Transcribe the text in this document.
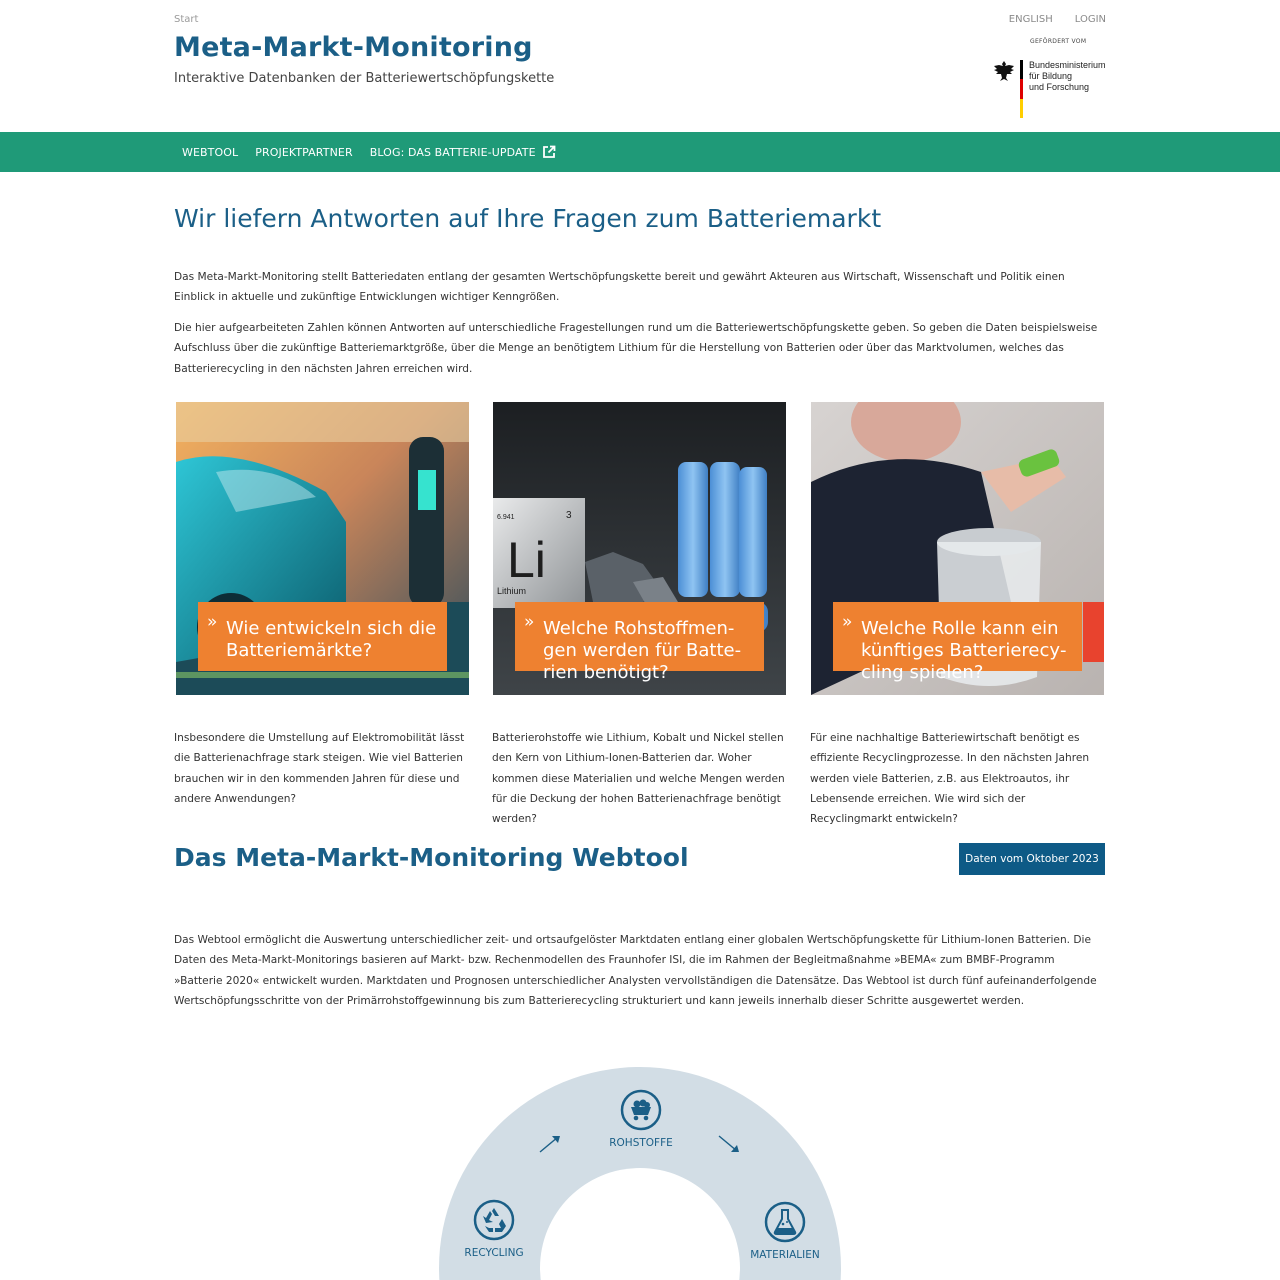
Start
Meta-Markt-Monitoring
Interaktive Datenbanken der Batteriewertschöpfungskette
ENGLISH LOGIN
GEFÖRDERT VOM
Bundesministerium
für Bildung
und Forschung
WEBTOOL PROJEKTPARTNER BLOG: DAS BATTERIE-UPDATE
Wir liefern Antworten auf Ihre Fragen zum Batteriemarkt

Das Meta-Markt-Monitoring stellt Batteriedaten entlang der gesamten Wertschöpfungskette bereit und gewährt Akteuren aus Wirtschaft, Wissenschaft und Politik einen Einblick in aktuelle und zukünftige Entwicklungen wichtiger Kenngrößen.

Die hier aufgearbeiteten Zahlen können Antworten auf unterschiedliche Fragestellungen rund um die Batteriewertschöpfungskette geben. So geben die Daten beispielsweise Aufschluss über die zukünftige Batteriemarktgröße, über die Menge an benötigtem Lithium für die Herstellung von Batterien oder über das Marktvolumen, welches das Batterierecycling in den nächsten Jahren erreichen wird.

» Wie entwickeln sich die Batteriemärkte?
6.941	3
Li
Lithium
» Welche Rohstoffmengen werden für Batterien benötigt?
» Welche Rolle kann ein künftiges Batterierecycling spielen?

Insbesondere die Umstellung auf Elektromobilität lässt die Batterienachfrage stark steigen. Wie viel Batterien brauchen wir in den kommenden Jahren für diese und andere Anwendungen?

Batterierohstoffe wie Lithium, Kobalt und Nickel stellen den Kern von Lithium-Ionen-Batterien dar. Woher kommen diese Materialien und welche Mengen werden für die Deckung der hohen Batterienachfrage benötigt werden?

Für eine nachhaltige Batteriewirtschaft benötigt es effiziente Recyclingprozesse. In den nächsten Jahren werden viele Batterien, z.B. aus Elektroautos, ihr Lebensende erreichen. Wie wird sich der Recyclingmarkt entwickeln?

Das Meta-Markt-Monitoring Webtool	Daten vom Oktober 2023

Das Webtool ermöglicht die Auswertung unterschiedlicher zeit- und ortsaufgelöster Marktdaten entlang einer globalen Wertschöpfungskette für Lithium-Ionen Batterien. Die Daten des Meta-Markt-Monitorings basieren auf Markt- bzw. Rechenmodellen des Fraunhofer ISI, die im Rahmen der Begleitmaßnahme »BEMA« zum BMBF-Programm »Batterie 2020« entwickelt wurden. Marktdaten und Prognosen unterschiedlicher Analysten vervollständigen die Datensätze. Das Webtool ist durch fünf aufeinanderfolgende Wertschöpfungsschritte von der Primärrohstoffgewinnung bis zum Batterierecycling strukturiert und kann jeweils innerhalb dieser Schritte ausgewertet werden.

ROHSTOFFE
RECYCLING	MATERIALIEN
